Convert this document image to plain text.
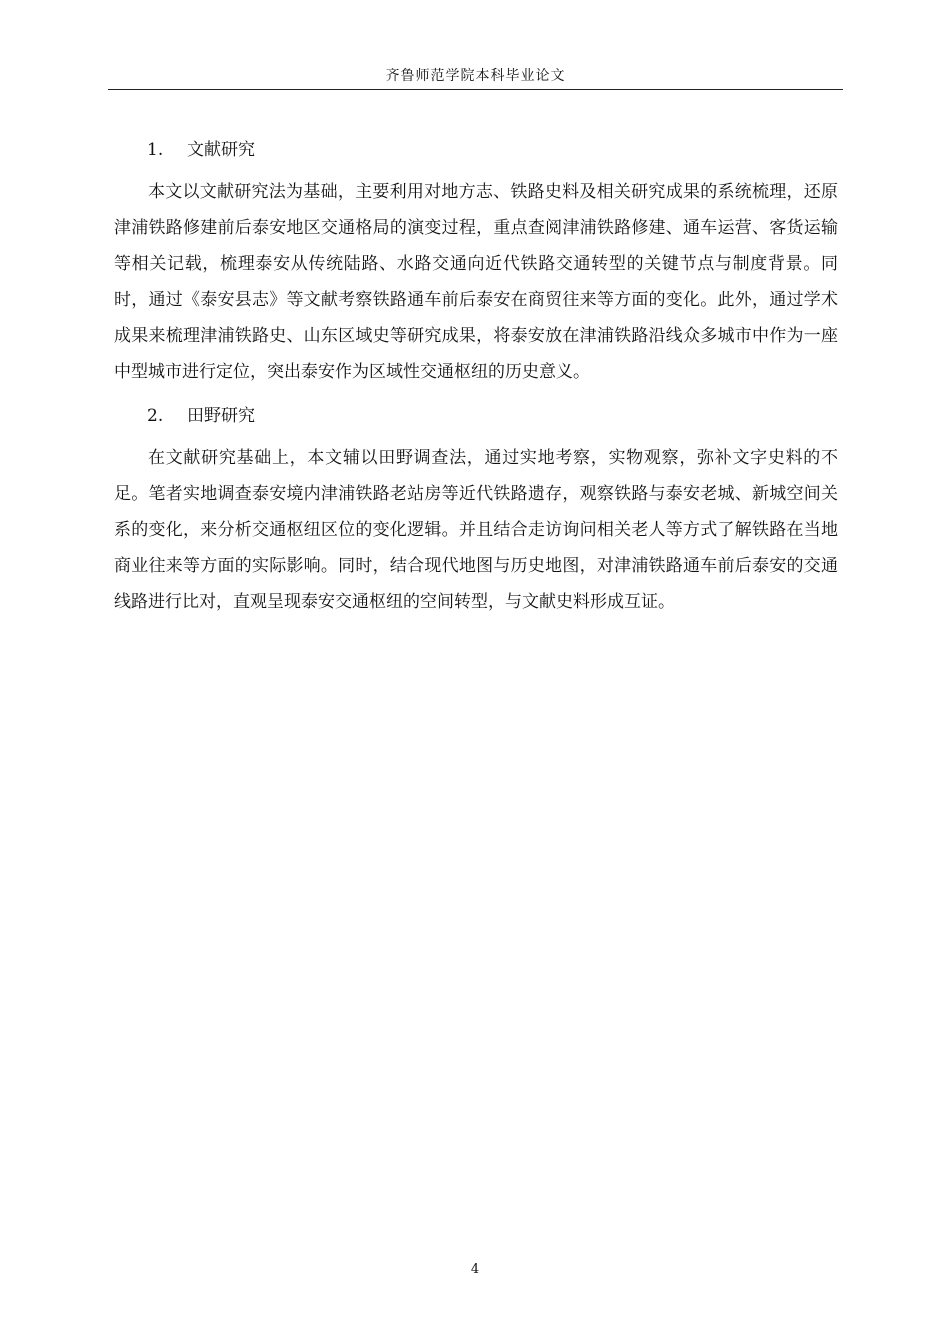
齐鲁师范学院本科毕业论文

1. 文献研究

本文以文献研究法为基础，主要利用对地方志、铁路史料及相关研究成果的系统梳理，还原津浦铁路修建前后泰安地区交通格局的演变过程，重点查阅津浦铁路修建、通车运营、客货运输等相关记载，梳理泰安从传统陆路、水路交通向近代铁路交通转型的关键节点与制度背景。同时，通过《泰安县志》等文献考察铁路通车前后泰安在商贸往来等方面的变化。此外，通过学术成果来梳理津浦铁路史、山东区域史等研究成果，将泰安放在津浦铁路沿线众多城市中作为一座中型城市进行定位，突出泰安作为区域性交通枢纽的历史意义。

2. 田野研究

在文献研究基础上，本文辅以田野调查法，通过实地考察，实物观察，弥补文字史料的不足。笔者实地调查泰安境内津浦铁路老站房等近代铁路遗存，观察铁路与泰安老城、新城空间关系的变化，来分析交通枢纽区位的变化逻辑。并且结合走访询问相关老人等方式了解铁路在当地商业往来等方面的实际影响。同时，结合现代地图与历史地图，对津浦铁路通车前后泰安的交通线路进行比对，直观呈现泰安交通枢纽的空间转型，与文献史料形成互证。

4
